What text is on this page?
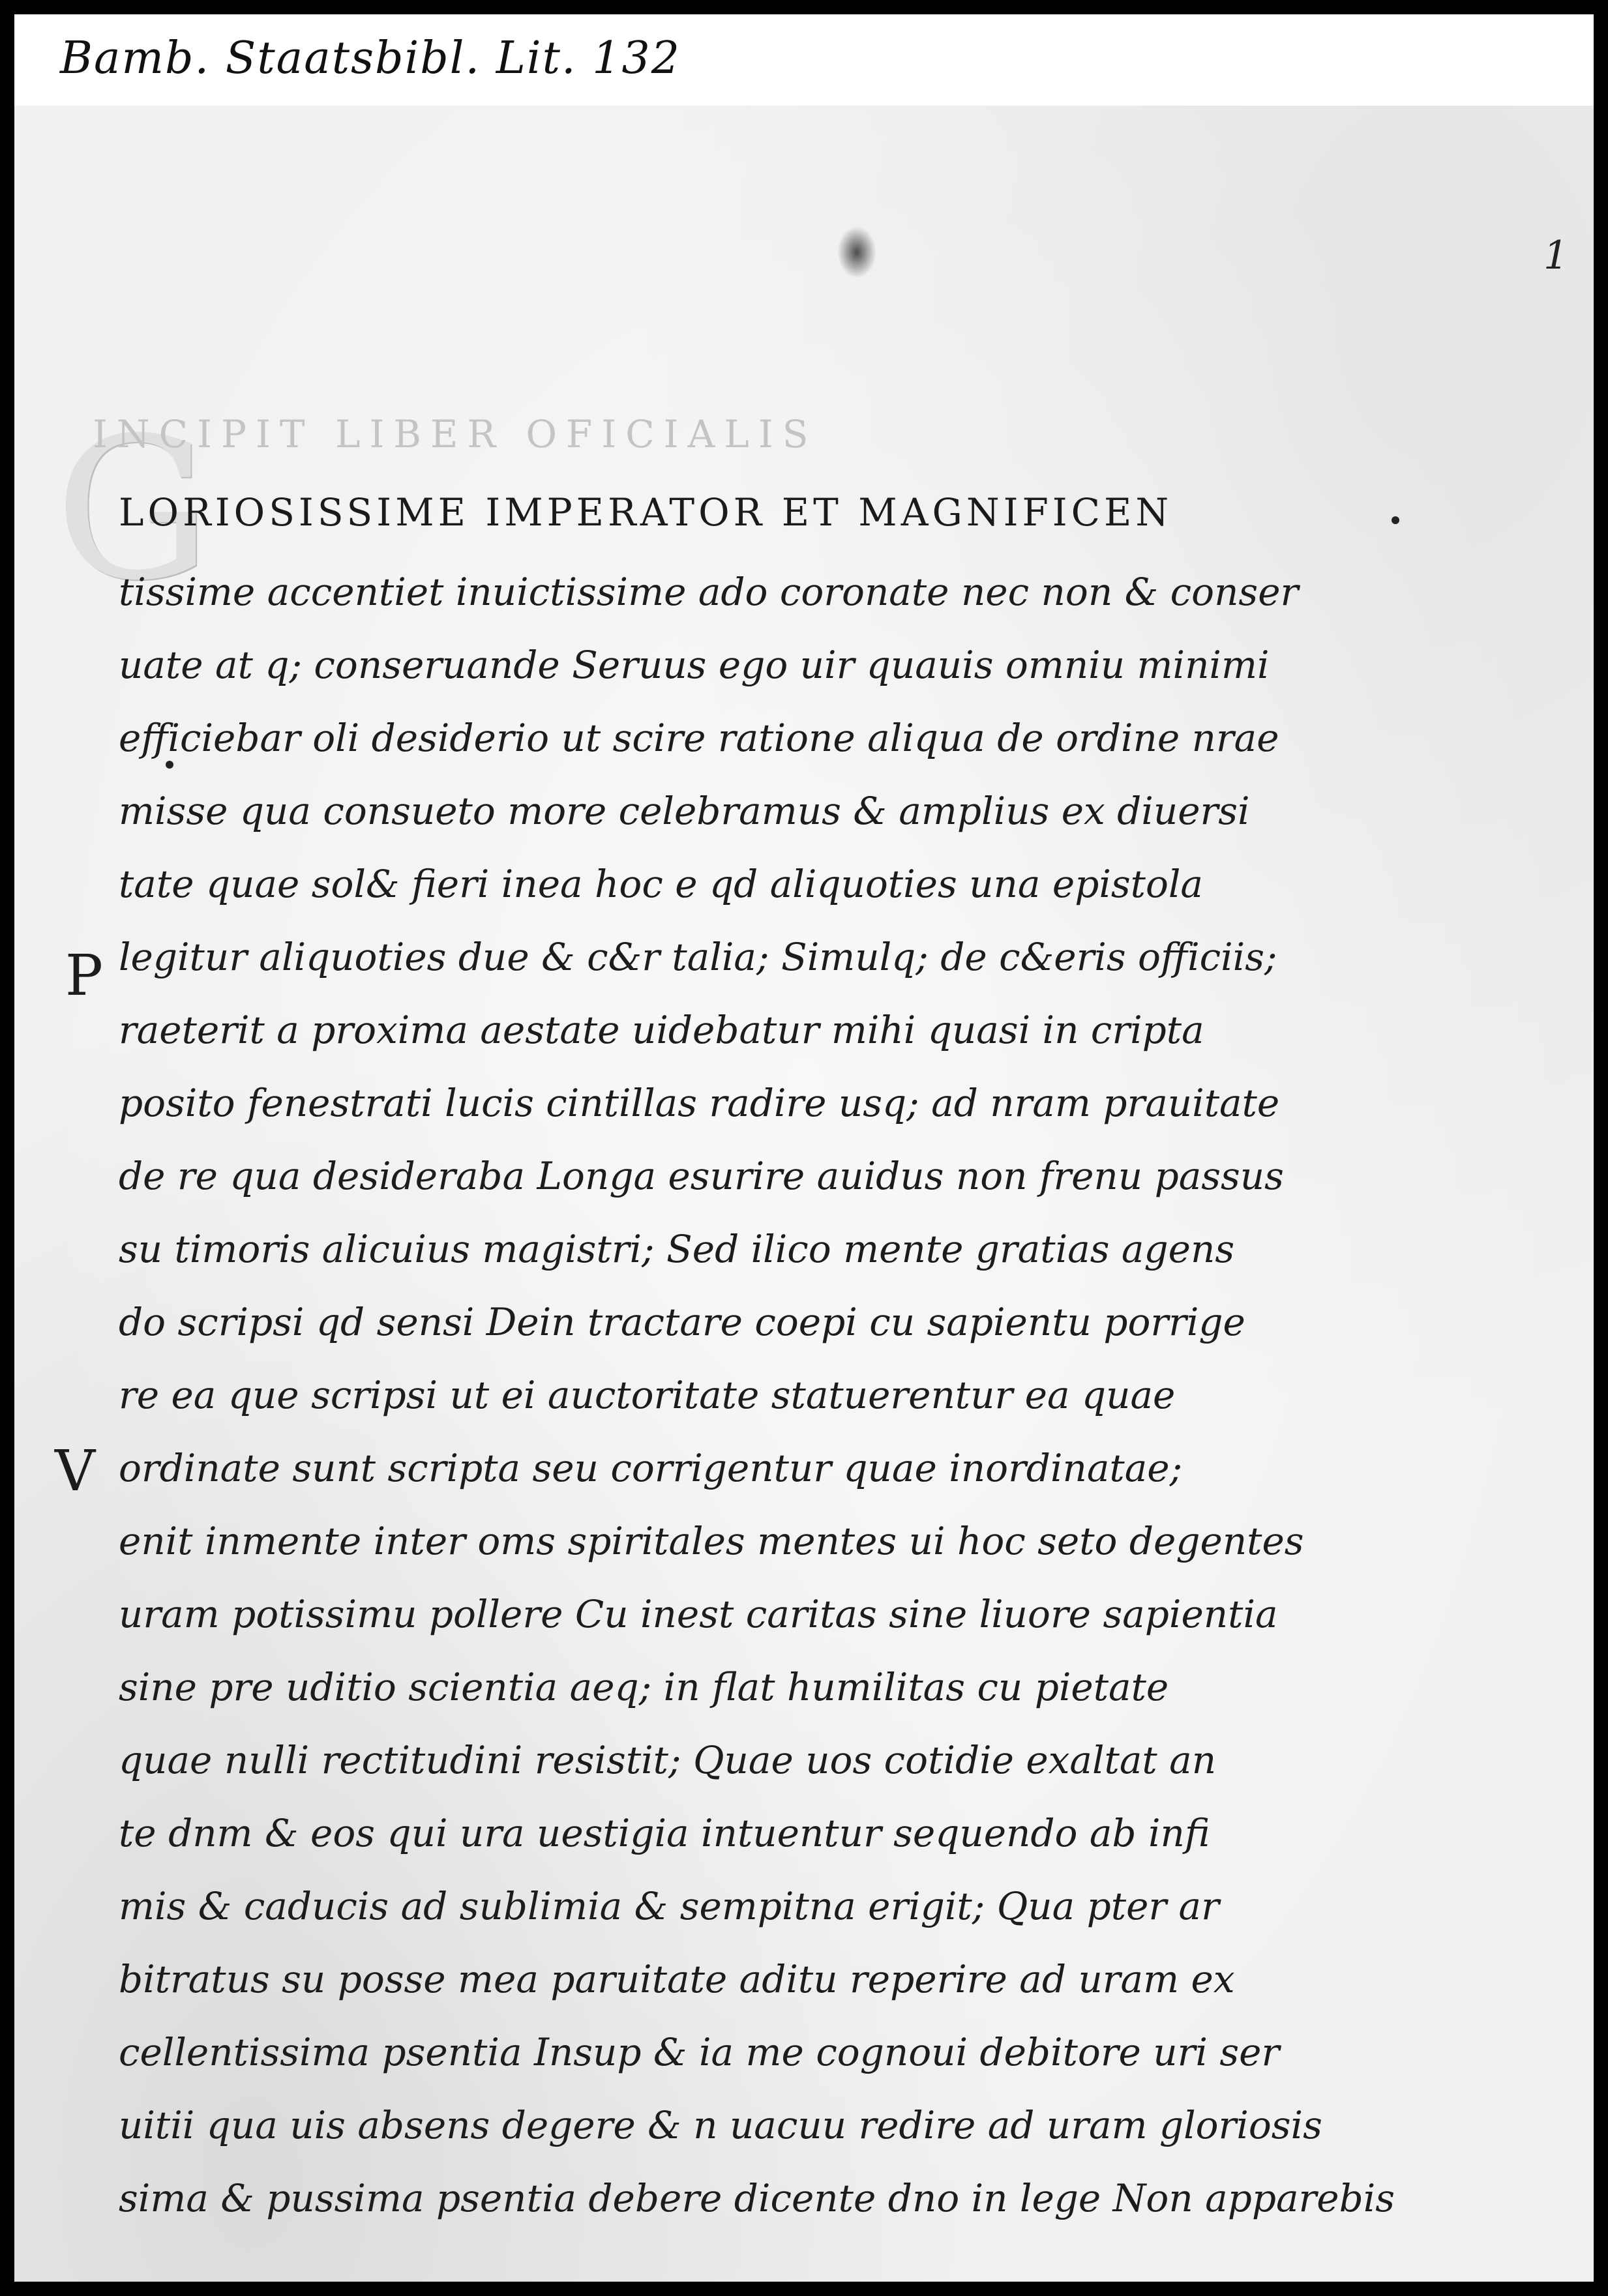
Bamb. Staatsbibl. Lit. 132
1
G
INCIPIT LIBER OFICIALIS
LORIOSISSIME IMPERATOR ET MAGNIFICEN
P
V
tissime accentiet inuictissime ado coronate nec non & conser
uate at q; conseruande Seruus ego uir quauis omniu minimi
efficiebar oli desiderio ut scire ratione aliqua de ordine nrae
misse qua consueto more celebramus & amplius ex diuersi
tate quae sol& fieri inea hoc e qd aliquoties una epistola
legitur aliquoties due & c&r talia; Simulq; de c&eris officiis;
raeterit a proxima aestate uidebatur mihi quasi in cripta
posito fenestrati lucis cintillas radire usq; ad nram prauitate
de re qua desideraba Longa esurire auidus non frenu passus
su timoris alicuius magistri; Sed ilico mente gratias agens
do scripsi qd sensi Dein tractare coepi cu sapientu porrige
re ea que scripsi ut ei auctoritate statuerentur ea quae
ordinate sunt scripta seu corrigentur quae inordinatae;
enit inmente inter oms spiritales mentes ui hoc seto degentes
uram potissimu pollere Cu inest caritas sine liuore sapientia
sine pre uditio scientia aeq; in flat humilitas cu pietate
quae nulli rectitudini resistit; Quae uos cotidie exaltat an
te dnm & eos qui ura uestigia intuentur sequendo ab infi
mis & caducis ad sublimia & sempitna erigit; Qua pter ar
bitratus su posse mea paruitate aditu reperire ad uram ex
cellentissima psentia Insup & ia me cognoui debitore uri ser
uitii qua uis absens degere & n uacuu redire ad uram gloriosis
sima & pussima psentia debere dicente dno in lege Non apparebis
